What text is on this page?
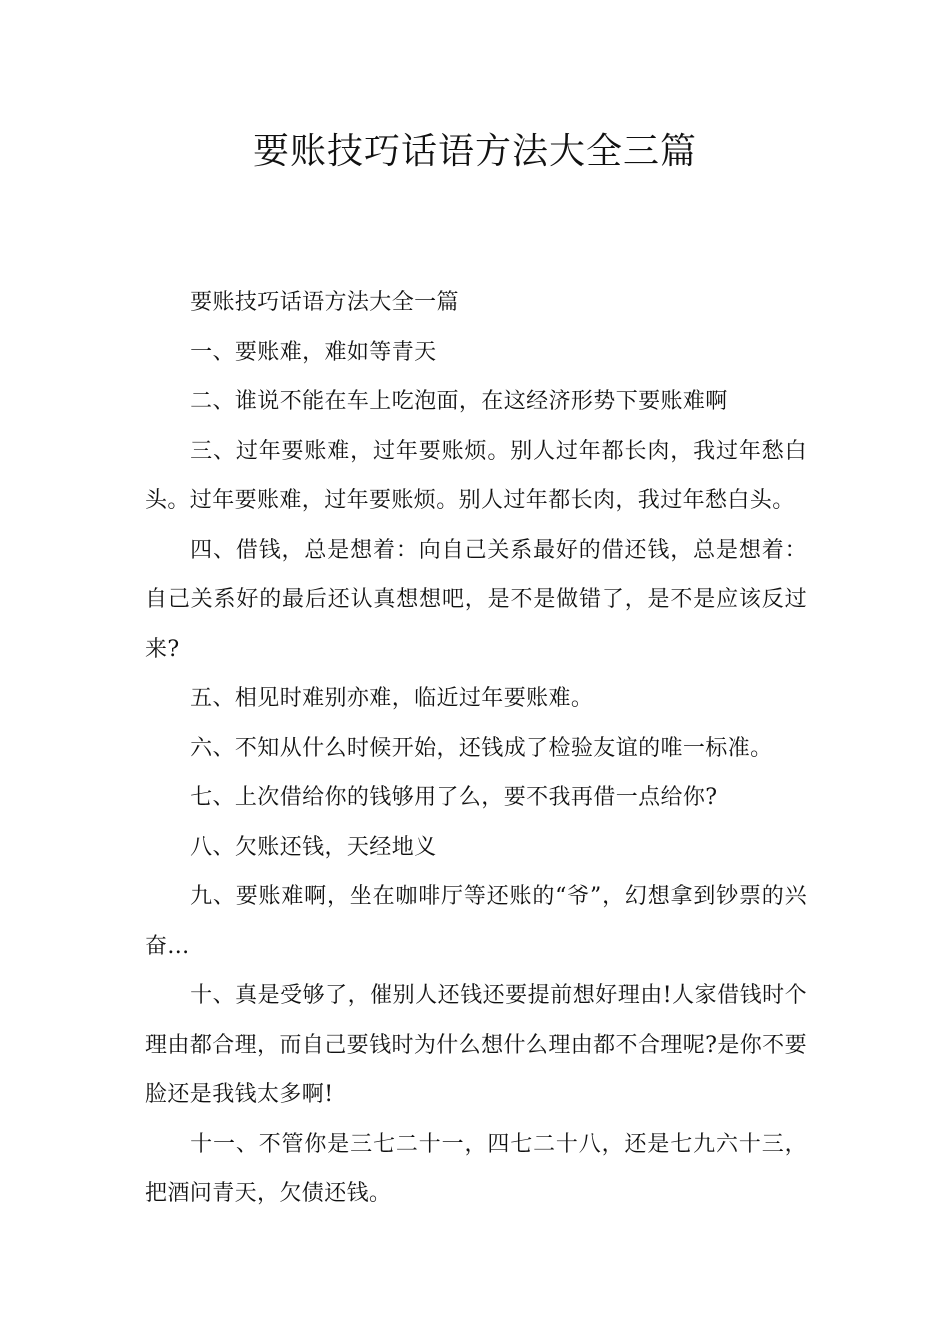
要账技巧话语方法大全三篇

要账技巧话语方法大全一篇

一、要账难，难如等青天

二、谁说不能在车上吃泡面，在这经济形势下要账难啊

三、过年要账难，过年要账烦。别人过年都长肉，我过年愁白头。过年要账难，过年要账烦。别人过年都长肉，我过年愁白头。

四、借钱，总是想着：向自己关系最好的借还钱，总是想着：自己关系好的最后还认真想想吧，是不是做错了，是不是应该反过来?

五、相见时难别亦难，临近过年要账难。

六、不知从什么时候开始，还钱成了检验友谊的唯一标准。

七、上次借给你的钱够用了么，要不我再借一点给你?

八、欠账还钱，天经地义

九、要账难啊，坐在咖啡厅等还账的“爷”，幻想拿到钞票的兴奋...

十、真是受够了，催别人还钱还要提前想好理由!人家借钱时个理由都合理，而自己要钱时为什么想什么理由都不合理呢?是你不要脸还是我钱太多啊!

十一、不管你是三七二十一，四七二十八，还是七九六十三，把酒问青天，欠债还钱。
